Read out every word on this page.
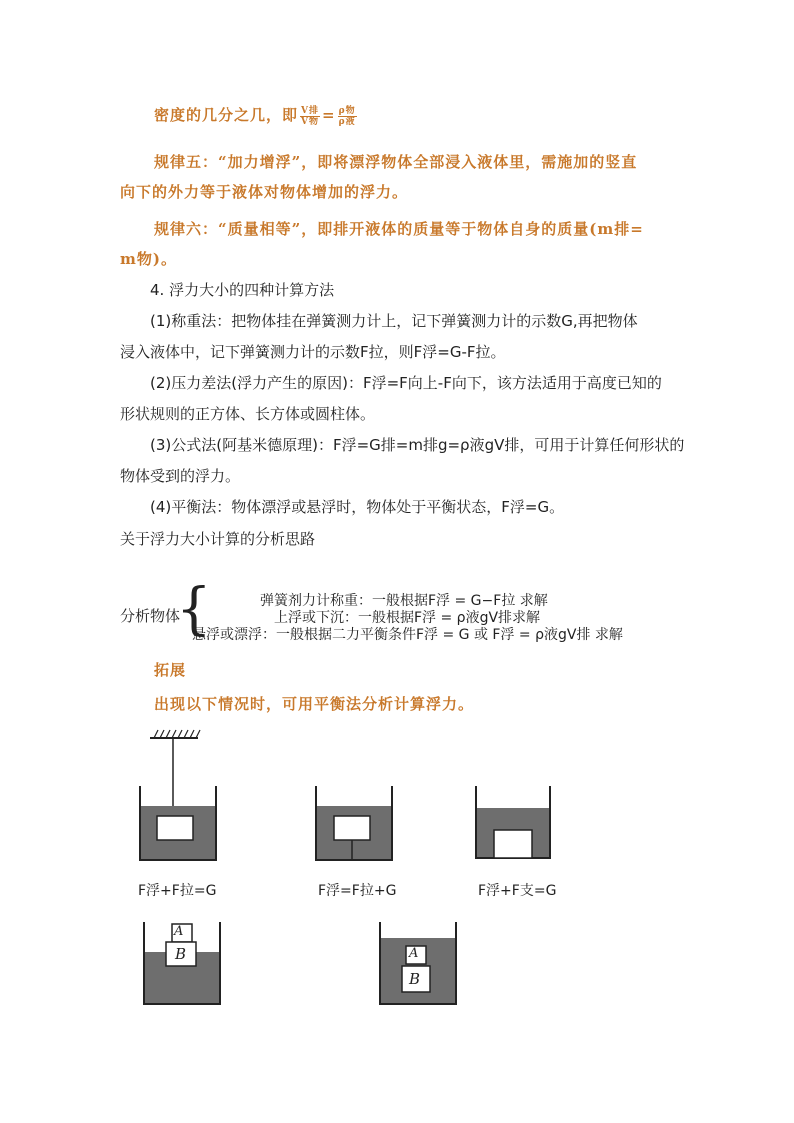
密度的几分之几，即 $\frac{\text{V排}}{\text{V物}} = \frac{\text{ρ物}}{\text{ρ液}}$
规律五：“加力增浮”，即将漂浮物体全部浸入液体里，需施加的竖直
向下的外力等于液体对物体增加的浮力。
规律六：“质量相等”，即排开液体的质量等于物体自身的质量(m排=
m物)。
4. 浮力大小的四种计算方法
(1)称重法：把物体挂在弹簧测力计上，记下弹簧测力计的示数G,再把物体
浸入液体中，记下弹簧测力计的示数F拉，则F浮=G-F拉。
(2)压力差法(浮力产生的原因)：F浮=F向上-F向下，该方法适用于高度已知的
形状规则的正方体、长方体或圆柱体。
(3)公式法(阿基米德原理)：F浮=G排=m排g=ρ液gV排，可用于计算任何形状的
物体受到的浮力。
(4)平衡法：物体漂浮或悬浮时，物体处于平衡状态，F浮=G。
关于浮力大小计算的分析思路
分析物体
{	弹簧剂力计称重：一般根据F浮 = G−F拉 求解
上浮或下沉：一般根据F浮 = ρ液gV排求解
悬浮或漂浮：一般根据二力平衡条件F浮 = G 或 F浮 = ρ液gV排 求解
拓展
出现以下情况时，可用平衡法分析计算浮力。
F浮+F拉=G	F浮=F拉+G	F浮+F支=G
A
B	A
B
